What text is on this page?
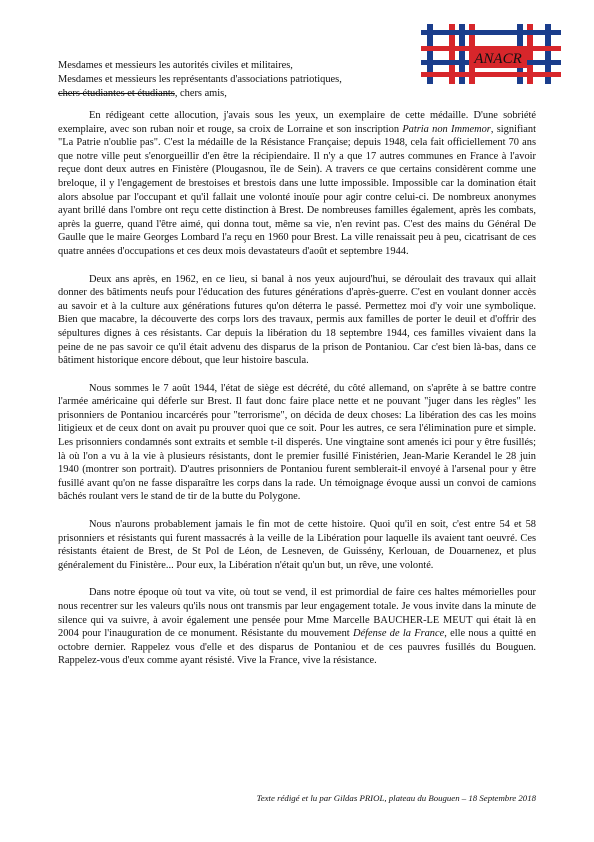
ANACR
Mesdames et messieurs les autorités civiles et militaires,
Mesdames et messieurs les représentants d'associations patriotiques,
chers étudiantes et étudiants, chers amis,

En rédigeant cette allocution, j'avais sous les yeux, un exemplaire de cette médaille. D'une sobriété exemplaire, avec son ruban noir et rouge, sa croix de Lorraine et son inscription Patria non Immemor, signifiant "La Patrie n'oublie pas". C'est la médaille de la Résistance Française; depuis 1948, cela fait officiellement 70 ans que notre ville peut s'enorgueillir d'en être la récipiendaire. Il n'y a que 17 autres communes en France à l'avoir reçue dont deux autres en Finistère (Plougasnou, île de Sein). A travers ce que certains considèrent comme une breloque, il y l'engagement de brestoises et brestois dans une lutte impossible. Impossible car la domination était alors absolue par l'occupant et qu'il fallait une volonté inouïe pour agir contre celui-ci. De nombreux anonymes ayant brillé dans l'ombre ont reçu cette distinction à Brest. De nombreuses familles également, après les combats, après la guerre, quand l'être aimé, qui donna tout, même sa vie, n'en revint pas. C'est des mains du Général De Gaulle que le maire Georges Lombard l'a reçu en 1960 pour Brest. La ville renaissait peu à peu, cicatrisant de ces quatre années d'occupations et ces deux mois devastateurs d'août et septembre 1944.

Deux ans après, en 1962, en ce lieu, si banal à nos yeux aujourd'hui, se déroulait des travaux qui allait donner des bâtiments neufs pour l'éducation des futures générations d'après-guerre. C'est en voulant donner accès au savoir et à la culture aux générations futures qu'on déterra le passé. Permettez moi d'y voir une symbolique. Bien que macabre, la découverte des corps lors des travaux, permis aux familles de porter le deuil et d'offrir des sépultures dignes à ces résistants. Car depuis la libération du 18 septembre 1944, ces familles vivaient dans la peine de ne pas savoir ce qu'il était advenu des disparus de la prison de Pontaniou. Car c'est bien là-bas, dans ce bâtiment historique encore débout, que leur histoire bascula.

Nous sommes le 7 août 1944, l'état de siège est décrété, du côté allemand, on s'aprête à se battre contre l'armée américaine qui déferle sur Brest. Il faut donc faire place nette et ne pouvant "juger dans les règles" les prisonniers de Pontaniou incarcérés pour "terrorisme", on décida de deux choses: La libération des cas les moins litigieux et de ceux dont on avait pu prouver quoi que ce soit. Pour les autres, ce sera l'élimination pure et simple. Les prisonniers condamnés sont extraits et semble t-il disperés. Une vingtaine sont amenés ici pour y être fusillés; là où l'on a vu à la vie à plusieurs résistants, dont le premier fusillé Finistérien, Jean-Marie Kerandel le 28 juin 1940 (montrer son portrait). D'autres prisonniers de Pontaniou furent semblerait-il envoyé à l'arsenal pour y être fusillé avant qu'on ne fasse disparaître les corps dans la rade. Un témoignage évoque aussi un convoi de camions bâchés roulant vers le stand de tir de la butte du Polygone.

Nous n'aurons probablement jamais le fin mot de cette histoire. Quoi qu'il en soit, c'est entre 54 et 58 prisonniers et résistants qui furent massacrés à la veille de la Libération pour laquelle ils avaient tant oeuvré. Ces résistants étaient de Brest, de St Pol de Léon, de Lesneven, de Guissény, Kerlouan, de Douarnenez, et plus généralement du Finistère... Pour eux, la Libération n'était qu'un but, un rêve, une volonté.

Dans notre époque où tout va vite, où tout se vend, il est primordial de faire ces haltes mémorielles pour nous recentrer sur les valeurs qu'ils nous ont transmis par leur engagement totale. Je vous invite dans la minute de silence qui va suivre, à avoir également une pensée pour Mme Marcelle BAUCHER-LE MEUT qui était là en 2004 pour l'inauguration de ce monument. Résistante du mouvement Défense de la France, elle nous a quitté en octobre dernier. Rappelez vous d'elle et des disparus de Pontaniou et de ces pauvres fusillés du Bouguen. Rappelez-vous d'eux comme ayant résisté. Vive la France, vive la résistance.

Texte rédigé et lu par Gildas PRIOL, plateau du Bouguen – 18 Septembre 2018
